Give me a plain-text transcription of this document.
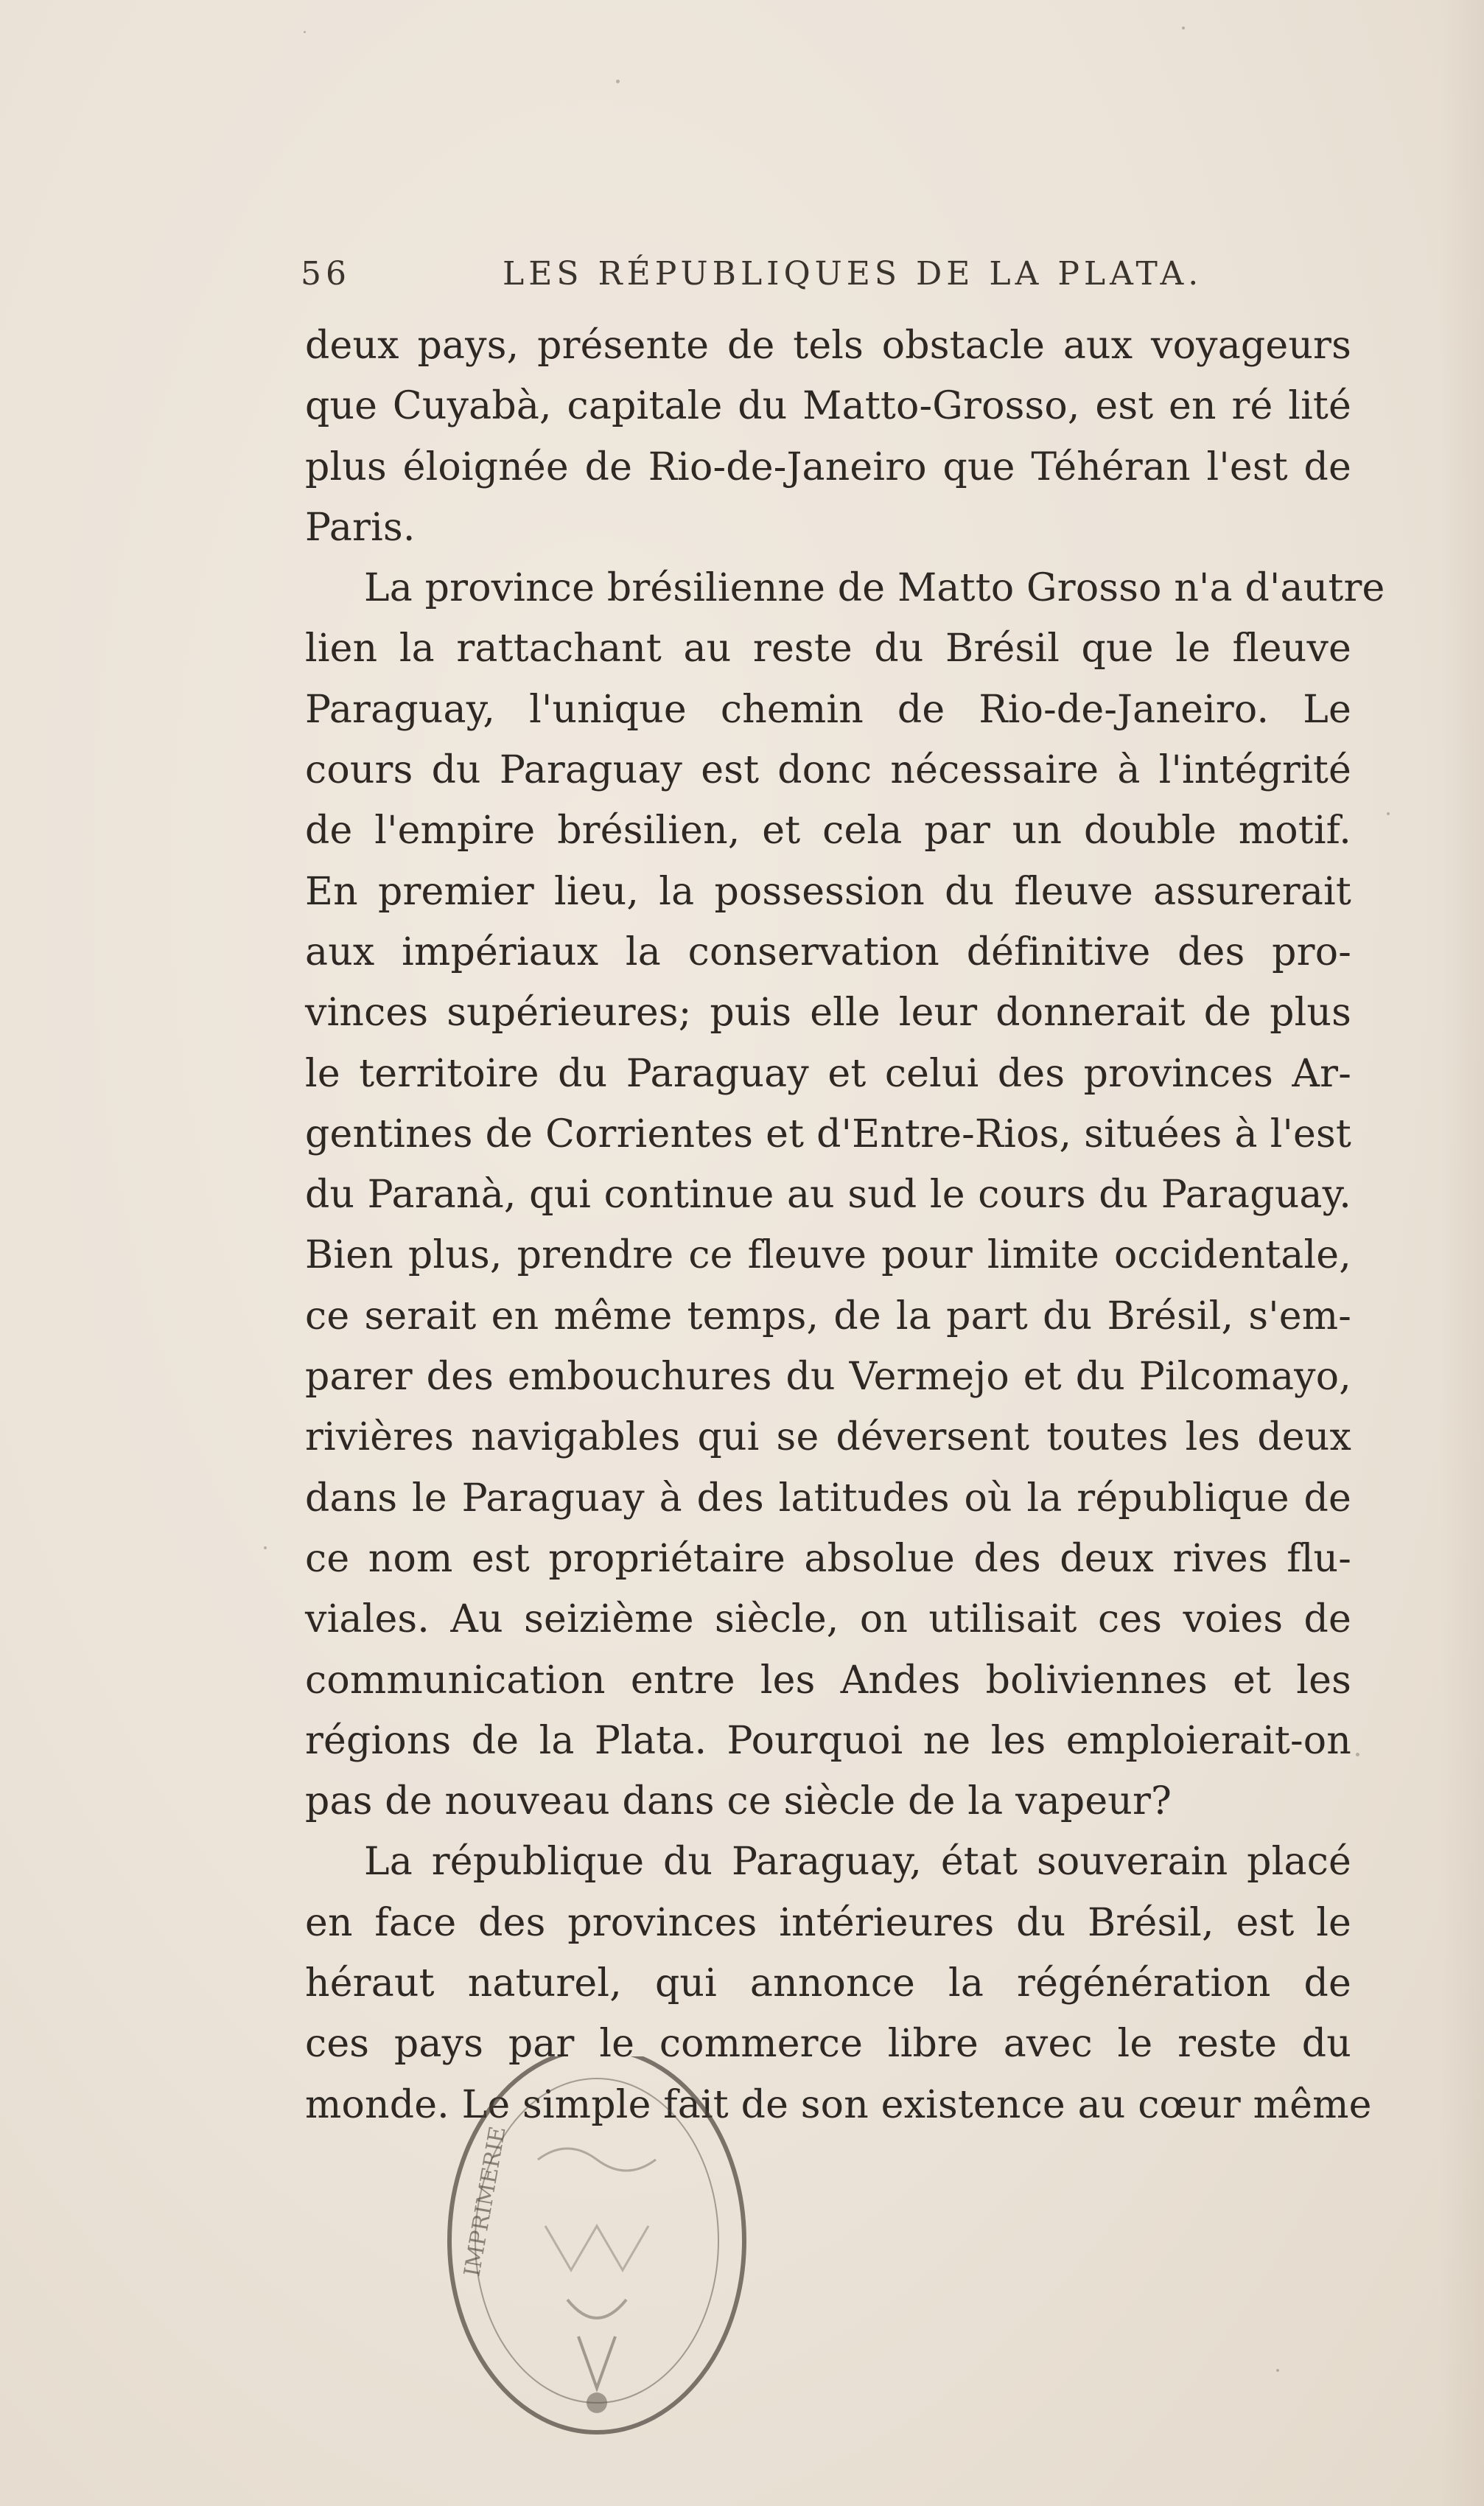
56	LES RÉPUBLIQUES DE LA PLATA.
deux pays, présente de tels obstacle aux voyageurs
que Cuyabà, capitale du Matto-Grosso, est en ré lité
plus éloignée de Rio-de-Janeiro que Téhéran l'est de
Paris.
La province brésilienne de Matto Grosso n'a d'autre
lien la rattachant au reste du Brésil que le fleuve
Paraguay, l'unique chemin de Rio-de-Janeiro. Le
cours du Paraguay est donc nécessaire à l'intégrité
de l'empire brésilien, et cela par un double motif.
En premier lieu, la possession du fleuve assurerait
aux impériaux la conservation définitive des pro-
vinces supérieures; puis elle leur donnerait de plus
le territoire du Paraguay et celui des provinces Ar-
gentines de Corrientes et d'Entre-Rios, situées à l'est
du Paranà, qui continue au sud le cours du Paraguay.
Bien plus, prendre ce fleuve pour limite occidentale,
ce serait en même temps, de la part du Brésil, s'em-
parer des embouchures du Vermejo et du Pilcomayo,
rivières navigables qui se déversent toutes les deux
dans le Paraguay à des latitudes où la république de
ce nom est propriétaire absolue des deux rives flu-
viales. Au seizième siècle, on utilisait ces voies de
communication entre les Andes boliviennes et les
régions de la Plata. Pourquoi ne les emploierait-on
pas de nouveau dans ce siècle de la vapeur?
La république du Paraguay, état souverain placé
en face des provinces intérieures du Brésil, est le
héraut naturel, qui annonce la régénération de
ces pays par le commerce libre avec le reste du
monde. Le simple fait de son existence au cœur même
IMPRIMERIE
